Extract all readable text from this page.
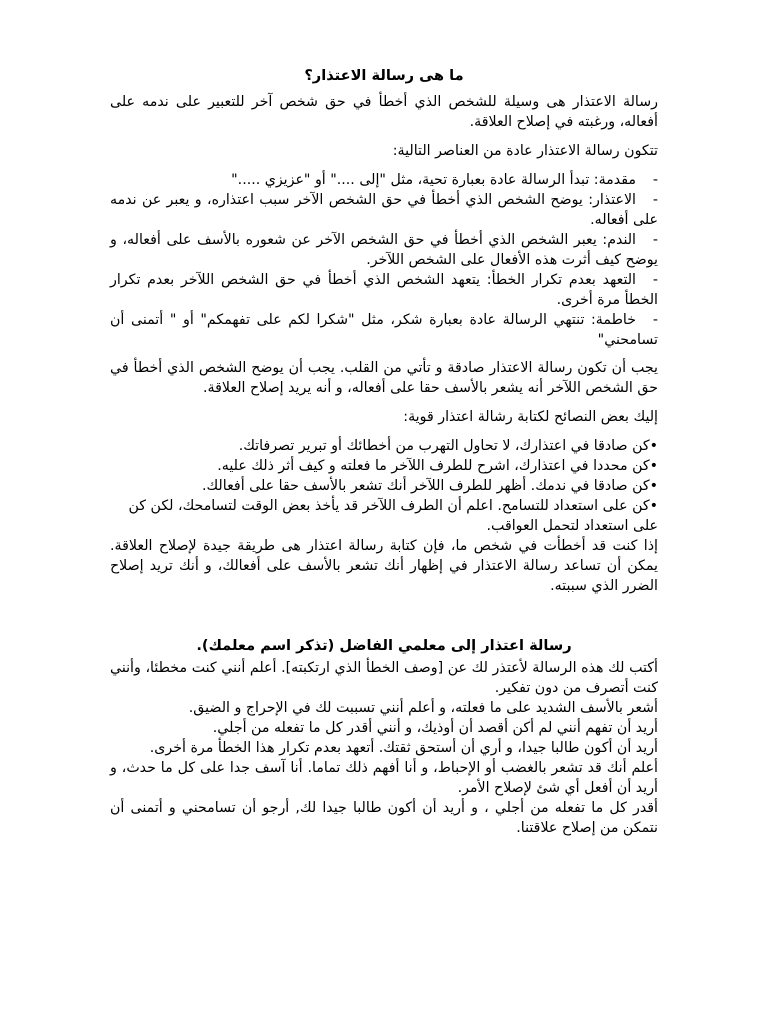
ما هى رسالة الاعتذار؟
رسالة الاعتذار هى وسيلة للشخص الذي أخطأ في حق شخص آخر للتعبير على ندمه على أفعاله، ورغبته في إصلاح العلاقة.
تتكون رسالة الاعتذار عادة من العناصر التالية:
-مقدمة: تبدأ الرسالة عادة بعبارة تحية، مثل "إلى ...." أو "عزيزي ....."
-الاعتذار: يوضح الشخص الذي أخطأ في حق الشخص الآخر سبب اعتذاره، و يعبر عن ندمه على أفعاله.
-الندم: يعبر الشخص الذي أخطأ في حق الشخص الآخر عن شعوره بالأسف على أفعاله، و يوضح كيف أثرت هذه الأفعال على الشخص اللآخر.
-التعهد بعدم تكرار الخطأ: يتعهد الشخص الذي أخطأ في حق الشخص اللآخر بعدم تكرار الخطأ مرة أخرى.
-خاطمة: تنتهي الرسالة عادة بعبارة شكر، مثل "شكرا لكم على تفهمكم" أو " أتمنى أن تسامحني"
يجب أن تكون رسالة الاعتذار صادقة و تأتي من القلب. يجب أن يوضح الشخص الذي أخطأ في حق الشخص اللآخر أنه يشعر بالأسف حقا على أفعاله، و أنه يريد إصلاح العلاقة.
إليك بعض النصائح لكتابة رشالة اعتذار قوية:
•كن صادقا في اعتذارك، لا تحاول التهرب من أخطائك أو تبرير تصرفاتك.
•كن محددا في اعتذارك، اشرح للطرف اللآخر ما فعلته و كيف أثر ذلك عليه.
•كن صادقا في ندمك. أظهر للطرف اللآخر أنك تشعر بالأسف حقا على أفعالك.
•كن على استعداد للتسامح. اعلم أن الطرف اللآخر قد يأخذ بعض الوقت لتسامحك، لكن كن على استعداد لتحمل العواقب.
إذا كنت قد أخطأت في شخص ما، فإن كتابة رسالة اعتذار هى طريقة جيدة لإصلاح العلاقة. يمكن أن تساعد رسالة الاعتذار في إظهار أنك تشعر بالأسف على أفعالك، و أنك تريد إصلاح الضرر الذي سببته.
رسالة اعتذار إلى معلمي الفاضل (تذكر اسم معلمك).
أكتب لك هذه الرسالة لأعتذر لك عن [وصف الخطأ الذي ارتكبته]. أعلم أنني كنت مخطئا، وأنني كنت أتصرف من دون تفكير.
أشعر بالأسف الشديد على ما فعلته، و أعلم أنني تسببت لك في الإحراج و الضيق.
أريد أن تفهم أنني لم أكن أقصد أن أوذيك، و أنني أقدر كل ما تفعله من أجلي.
أريد أن أكون طالبا جيدا، و أري أن أستحق ثقتك. أتعهد بعدم تكرار هذا الخطأ مرة أخرى.
أعلم أنك قد تشعر بالغضب أو الإحباط، و أنا أفهم ذلك تماما. أنا آسف جدا على كل ما حدث، و أريد أن أفعل أي شئ لإصلاح الأمر.
أقدر كل ما تفعله من أجلي ، و أريد أن أكون طالبا جيدا لك, أرجو أن تسامحني و أتمنى أن نتمكن من إصلاح علاقتنا.
